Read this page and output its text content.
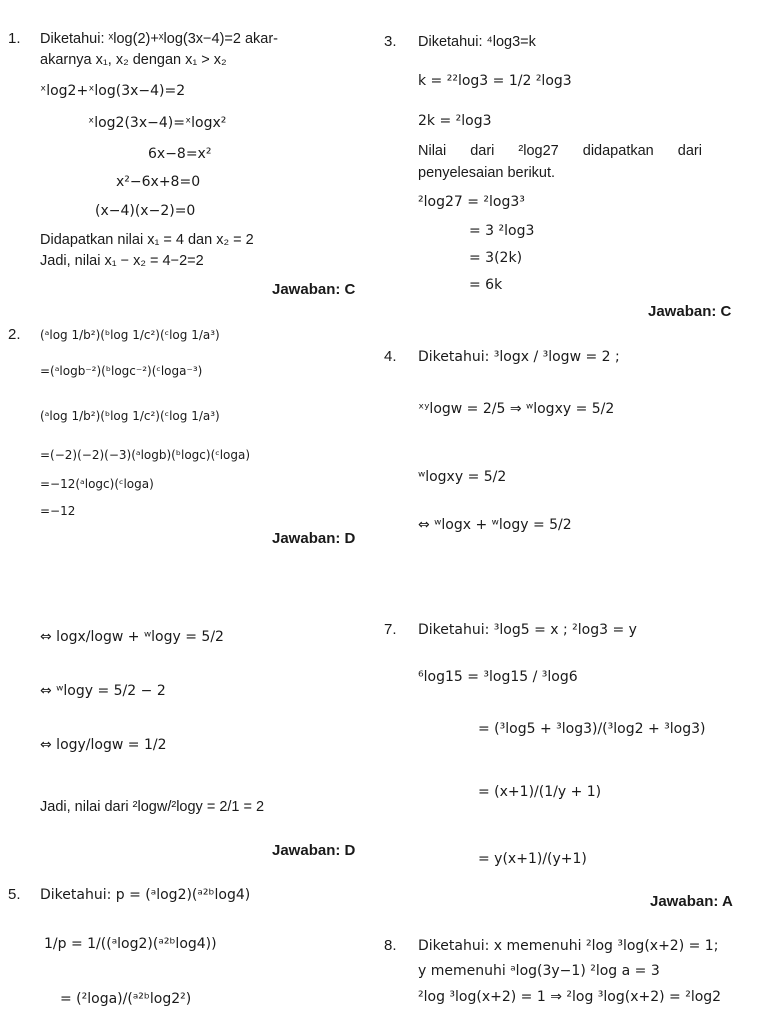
1. Diketahui: ˣlog(2)+ˣlog(3x−4)=2 akar-
akarnya x₁, x₂ dengan x₁ > x₂
ˣlog2+ˣlog(3x−4)=2
ˣlog2(3x−4)=ˣlogx²
6x−8=x²
x²−6x+8=0
(x−4)(x−2)=0
Didapatkan nilai x₁ = 4 dan x₂ = 2
Jadi, nilai x₁ − x₂ = 4−2=2
Jawaban: C
2. (ᵃlog 1/b²)(ᵇlog 1/c²)(ᶜlog 1/a³)
=(ᵃlogb⁻²)(ᵇlogc⁻²)(ᶜloga⁻³)
(ᵃlog 1/b²)(ᵇlog 1/c²)(ᶜlog 1/a³)
=(−2)(−2)(−3)(ᵃlogb)(ᵇlogc)(ᶜloga)
=−12(ᵃlogc)(ᶜloga)
=−12
Jawaban: D
3. Diketahui: ⁴log3=k
k = ²²log3 = 1/2 ²log3
2k = ²log3
Nilai dari ²log27 didapatkan dari
penyelesaian berikut.
²log27 = ²log3³
= 3 ²log3
= 3(2k)
= 6k
Jawaban: C
4. Diketahui: ³logx / ³logw = 2 ;
ˣʸlogw = 2/5 ⇒ ʷlogxy = 5/2
ʷlogxy = 5/2
⇔ ʷlogx + ʷlogy = 5/2
⇔ logx/logw + ʷlogy = 5/2
⇔ ʷlogy = 5/2 − 2
⇔ logy/logw = 1/2
Jadi, nilai dari ²logw/²logy = 2/1 = 2
Jawaban: D
5. Diketahui: p = (ᵃlog2)(ᵃ²ᵇlog4)
1/p = 1/((ᵃlog2)(ᵃ²ᵇlog4))
= (²loga)/(ᵃ²ᵇlog2²)
7. Diketahui: ³log5 = x ; ²log3 = y
⁶log15 = ³log15 / ³log6
= (³log5 + ³log3)/(³log2 + ³log3)
= (x+1)/(1/y + 1)
= y(x+1)/(y+1)
Jawaban: A
8. Diketahui: x memenuhi ²log ³log(x+2) = 1;
y memenuhi ᵃlog(3y−1) ²log a = 3
²log ³log(x+2) = 1 ⇒ ²log ³log(x+2) = ²log2
